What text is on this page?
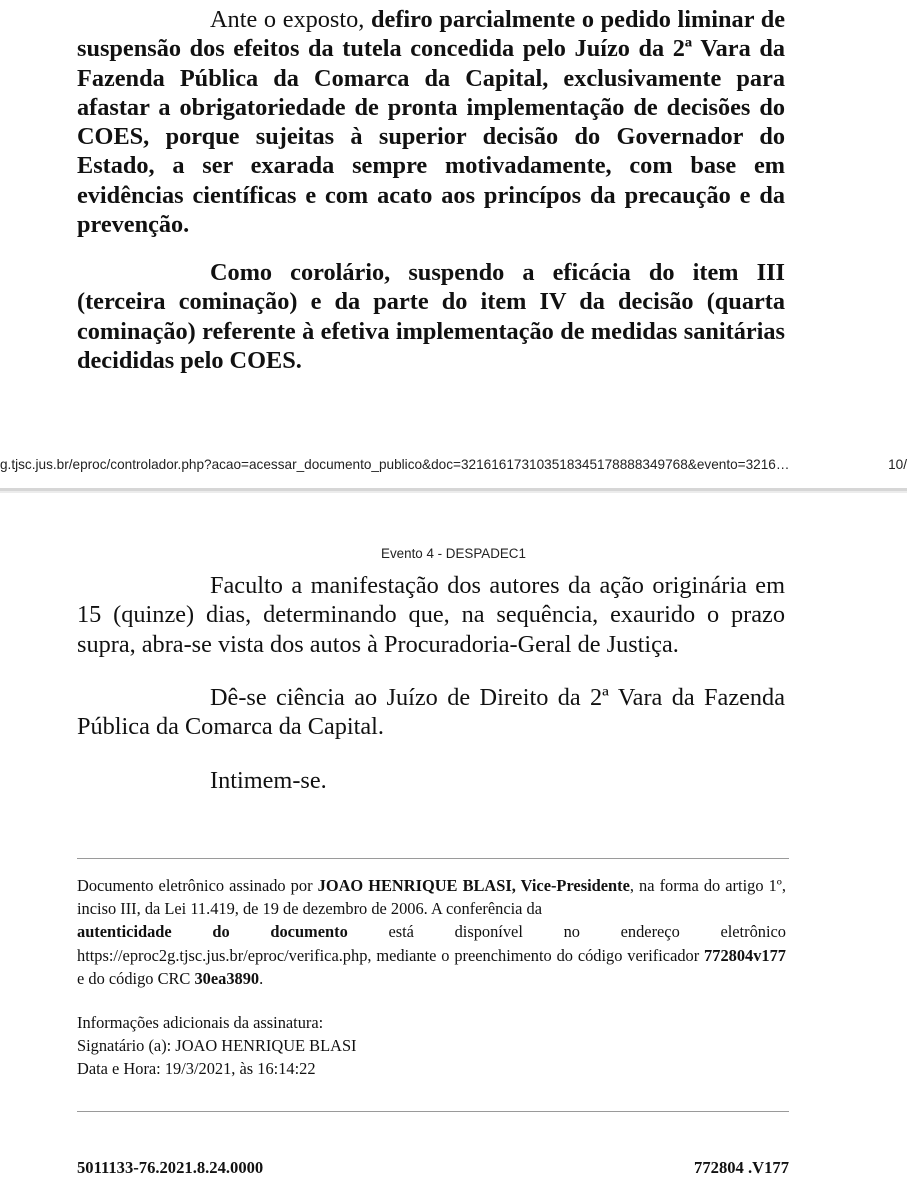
Ante o exposto, defiro parcialmente o pedido liminar de suspensão dos efeitos da tutela concedida pelo Juízo da 2ª Vara da Fazenda Pública da Comarca da Capital, exclusivamente para afastar a obrigatoriedade de pronta implementação de decisões do COES, porque sujeitas à superior decisão do Governador do Estado, a ser exarada sempre motivadamente, com base em evidências científicas e com acato aos princípos da precaução e da prevenção.

Como corolário, suspendo a eficácia do item III (terceira cominação) e da parte do item IV da decisão (quarta cominação) referente à efetiva implementação de medidas sanitárias decididas pelo COES.

g.tjsc.jus.br/eproc/controlador.php?acao=acessar_documento_publico&doc=321616173103518345178888349768&evento=3216…	10/
Evento 4 - DESPADEC1

Faculto a manifestação dos autores da ação originária em 15 (quinze) dias, determinando que, na sequência, exaurido o prazo supra, abra-se vista dos autos à Procuradoria-Geral de Justiça.

Dê-se ciência ao Juízo de Direito da 2ª Vara da Fazenda Pública da Comarca da Capital.

Intimem-se.

Documento eletrônico assinado por JOAO HENRIQUE BLASI, Vice-Presidente, na forma do artigo 1º, inciso III, da Lei 11.419, de 19 de dezembro de 2006. A conferência da
autenticidade do documento está disponível no endereço eletrônico
https://eproc2g.tjsc.jus.br/eproc/verifica.php, mediante o preenchimento do código verificador 772804v177 e do código CRC 30ea3890.
Informações adicionais da assinatura:
Signatário (a): JOAO HENRIQUE BLASI
Data e Hora: 19/3/2021, às 16:14:22
5011133-76.2021.8.24.0000	772804 .V177
